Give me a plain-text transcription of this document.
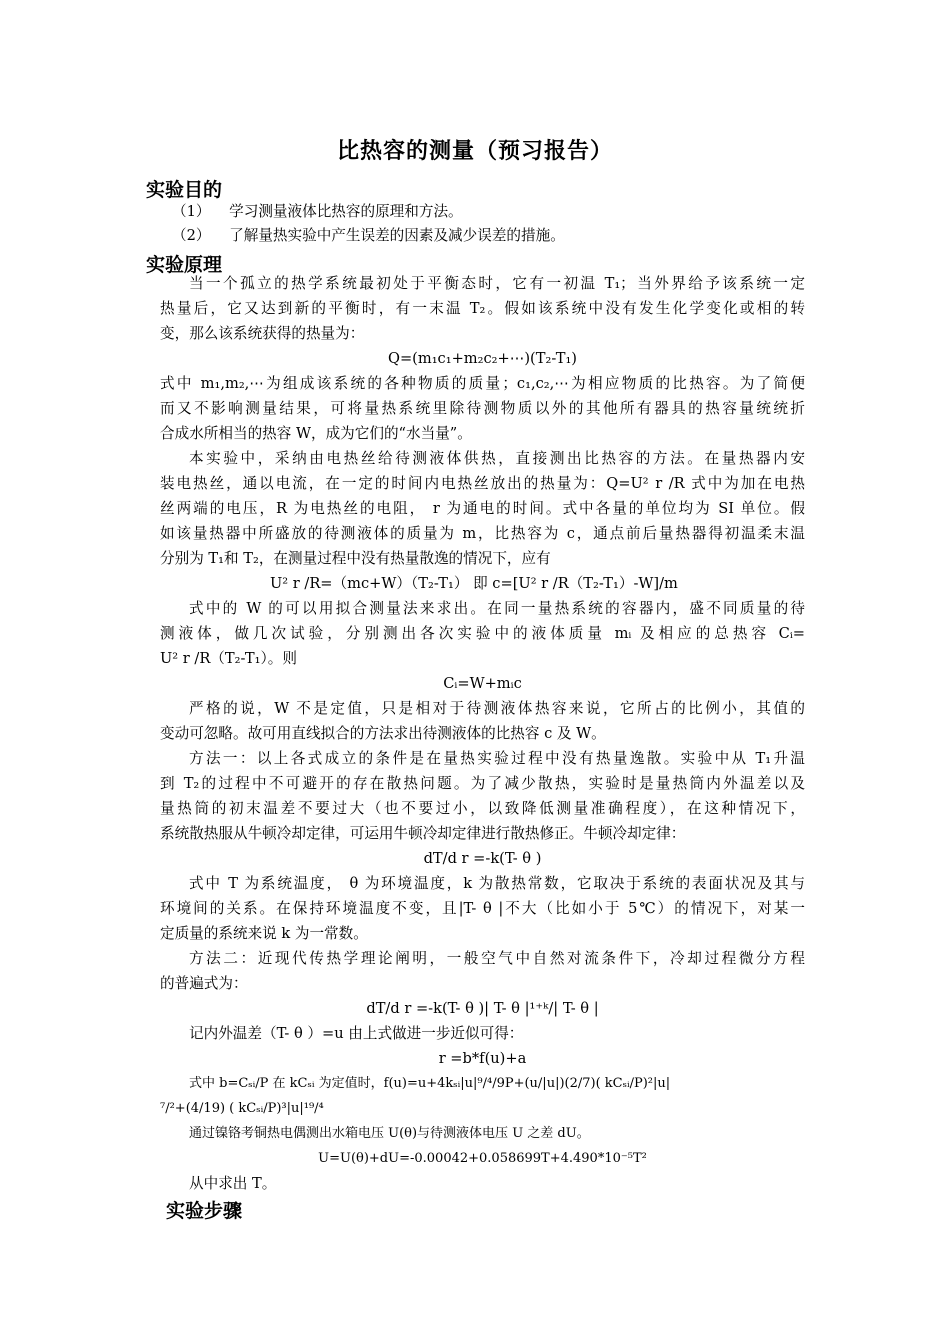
比热容的测量（预习报告）
实验目的
（1） 学习测量液体比热容的原理和方法。
（2） 了解量热实验中产生误差的因素及减少误差的措施。
实验原理
当一个孤立的热学系统最初处于平衡态时，它有一初温 T₁；当外界给予该系统一定
热量后，它又达到新的平衡时，有一末温 T₂。假如该系统中没有发生化学变化或相的转
变，那么该系统获得的热量为：
Q=(m₁c₁+m₂c₂+⋯)(T₂-T₁)
式中 m₁,m₂,⋯为组成该系统的各种物质的质量；c₁,c₂,⋯为相应物质的比热容。为了简便
而又不影响测量结果，可将量热系统里除待测物质以外的其他所有器具的热容量统统折
合成水所相当的热容 W，成为它们的“水当量”。
本实验中，采纳由电热丝给待测液体供热，直接测出比热容的方法。在量热器内安
装电热丝，通以电流，在一定的时间内电热丝放出的热量为：Q=U² r /R 式中为加在电热
丝两端的电压，R 为电热丝的电阻， r 为通电的时间。式中各量的单位均为 SI 单位。假
如该量热器中所盛放的待测液体的质量为 m，比热容为 c，通点前后量热器得初温柔末温
分别为 T₁和 T₂，在测量过程中没有热量散逸的情况下，应有
U² r /R=（mc+W）（T₂-T₁） 即 c=[U² r /R（T₂-T₁）-W]/m
式中的 W 的可以用拟合测量法来求出。在同一量热系统的容器内，盛不同质量的待
测液体，做几次试验，分别测出各次实验中的液体质量 mᵢ 及相应的总热容 Cᵢ=
U² r /R（T₂-T₁）。则
Cᵢ=W+mᵢc
严格的说，W 不是定值，只是相对于待测液体热容来说，它所占的比例小，其值的
变动可忽略。故可用直线拟合的方法求出待测液体的比热容 c 及 W。
方法一：以上各式成立的条件是在量热实验过程中没有热量逸散。实验中从 T₁升温
到 T₂的过程中不可避开的存在散热问题。为了减少散热，实验时是量热筒内外温差以及
量热筒的初末温差不要过大（也不要过小，以致降低测量准确程度），在这种情况下，
系统散热服从牛顿冷却定律，可运用牛顿冷却定律进行散热修正。牛顿冷却定律：
dT/d r =-k(T- θ )
式中 T 为系统温度， θ 为环境温度，k 为散热常数，它取决于系统的表面状况及其与
环境间的关系。在保持环境温度不变，且|T- θ |不大（比如小于 5℃）的情况下，对某一
定质量的系统来说 k 为一常数。
方法二：近现代传热学理论阐明，一般空气中自然对流条件下，冷却过程微分方程
的普遍式为：
dT/d r =-k(T- θ )| T- θ |¹⁺ᵏ/| T- θ |
记内外温差（T- θ ）=u 由上式做进一步近似可得：
r =b*f(u)+a
式中 b=Cₛᵢ/P 在 kCₛᵢ 为定值时，f(u)=u+4kₛᵢ|u|⁹/⁴/9P+(u/|u|)(2/7)( kCₛᵢ/P)²|u|
⁷/²+(4/19) ( kCₛᵢ/P)³|u|¹⁹/⁴
通过镍铬考铜热电偶测出水箱电压 U(θ)与待测液体电压 U 之差 dU。
U=U(θ)+dU=-0.00042+0.058699T+4.490*10⁻⁵T²
从中求出 T。
实验步骤
